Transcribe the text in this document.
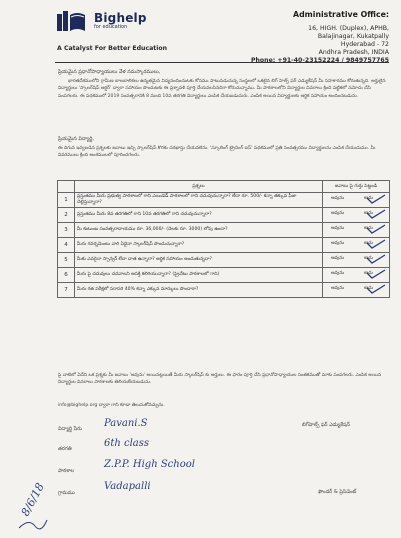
Bighelp
for education
A Catalyst For Better Education
Administrative Office:
16, HIGH. (Duplex), APHB,
Balajinagar, Kukatpally
Hyderabad - 72
Andhra Pradesh, INDIA
Phone: +91-40-23152224 / 9849757765
ప్రియమైన ప్రధానోపాధ్యాయులు వేళ నమస్కారములు,
భారతదేశములోని గ్రామీణ బాలబాలికలు ఉన్నతమైన విద్యనందించుటకు కోసము పాటుపడుచున్న సంస్థలలో ఒకటైన బిగ్ హెల్ప్ ఫర్ ఎడ్యుకేషన్ మీ సహకారము కోరుతున్నది. అర్హులైన విద్యార్థులు 'స్కాలర్‌షిప్ ఆర్డర్' ద్వారా సహాయం పొందుటకు ఈ ప్రశ్నావళి పూర్తి చేయవలసినదిగా కోరుచున్నాము. మీ పాఠశాలలోని విద్యార్థుల వివరాలు క్రింది పట్టికలో నమోదు చేసి పంపగలరు. ఈ పథకములో 2019 సంవత్సరానికి 8 మంది 10వ తరగతి విద్యార్థులు ఎంపిక చేయబడుదురు. ఎంపిక అయిన విద్యార్థులకు ఆర్థిక సహాయం అందించబడును.
ప్రియమైన విద్యార్థి,
ఈ దిగువ ఇవ్వబడిన ప్రశ్నలకు జవాబు ఇచ్చి స్కాలర్‌షిప్ కొరకు దరఖాస్తు చేయవలెను. 'స్కూలింగ్ ట్రైనింగ్ ఐస్' పథకములో ప్రతి సంవత్సరము విద్యార్థులను ఎంపిక చేయుదుము. మీ వివరములు క్రింది అంశములలో పూరించగలరు.
	ప్రశ్నలు	జవాబు పై గుర్తు పెట్టండి
1	ప్రస్తుతము మీరు ప్రభుత్వ పాఠశాలలో గాని ఎయిడెడ్ పాఠశాలలో గాని చదువుచున్నారా? లేదా రూ. 500/- కన్నా తక్కువ ఫీజు చెల్లిస్తున్నారా?	అవును కాదు

2	ప్రస్తుతము మీరు 8వ తరగతిలో గాని 10వ తరగతిలో గాని చదువుచున్నారా?	అవును కాదు

3	మీ కుటుంబ సంవత్సరాదాయము రూ. 36,000/- (నెలకు రూ. 3000) లోపు ఉందా?	అవును కాదు

4	మీరు గవర్నమెంటు వారి ఏదైనా స్కాలర్‌షిప్ పొందుచున్నారా?	అవును కాదు

5	మీకు ఎవరైనా స్పాన్సర్ లేదా దాత ఉన్నారా? ఆర్థిక సహాయం అందుతున్నదా?	అవును కాదు

6	మీరు పై చదువులు చదవాలని ఆసక్తి కలిగియున్నారా? (ప్రైవేటు పాఠశాలలో గాని)	అవును కాదు

7	మీరు గత పరీక్షలో సరాసరి 40% కన్నా ఎక్కువ మార్కులు పొందారా?	అవును కాదు
పై వాటిలో ఏదేని ఒక ప్రశ్నకు మీ జవాబు 'అవును' అయినట్లయితే మీరు స్కాలర్‌షిప్ కు అర్హులు. ఈ ఫారం పూర్తి చేసి ప్రధానోపాధ్యాయుల సంతకముతో మాకు పంపగలరు. ఎంపిక అయిన విద్యార్థుల వివరాలు పాఠశాలకు తెలియజేయబడును.
info@bighelp.org ద్వారా గాని కూడా తెలుసుకోవచ్చును.
విద్యార్థి పేరు Pavani.S	బిగ్‌హెల్ప్ ఫర్ ఎడ్యుకేషన్
తరగతి	6th class
పాఠశాల
Z.P.P. High School
గ్రామము
Vadapalli	ఫౌండర్ & ప్రెసిడెంట్
8/6/18
